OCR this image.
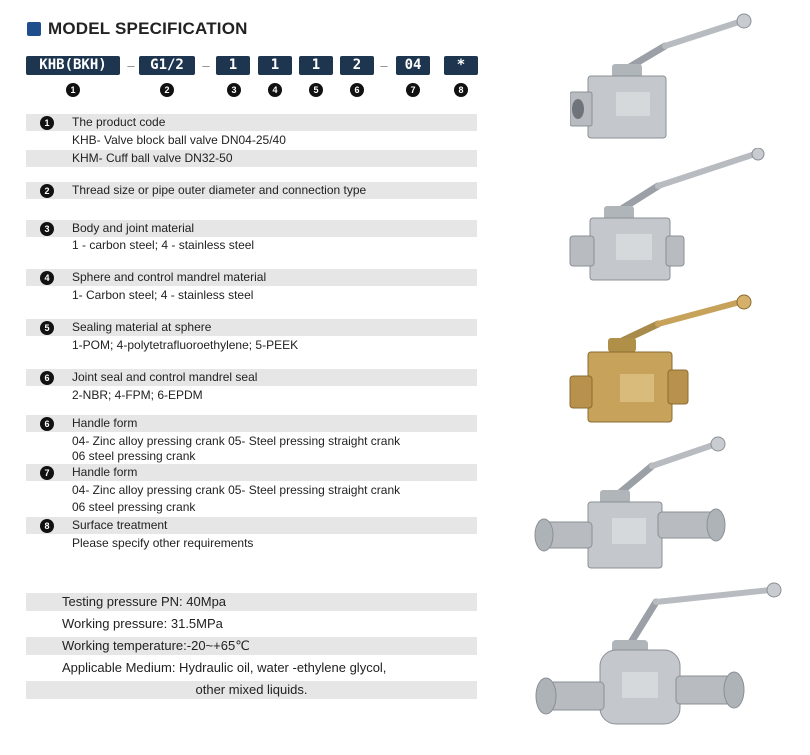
MODEL SPECIFICATION
KHB(BKH)	–	G1/2	–	1	1	1	2	–	04	*
1	2	3	4	5	6	7	8
1	The product code
KHB- Valve block ball valve DN04-25/40
KHM- Cuff ball valve DN32-50
2	Thread size or pipe outer diameter and connection type
3	Body and joint material
1 - carbon steel; 4 - stainless steel
4	Sphere and control mandrel material
1- Carbon steel; 4 - stainless steel
5	Sealing material at sphere
1-POM; 4-polytetrafluoroethylene; 5-PEEK
6	Joint seal and control mandrel seal
2-NBR; 4-FPM; 6-EPDM
6	Handle form
04- Zinc alloy pressing crank 05- Steel pressing straight crank
06 steel pressing crank
7	Handle form
04- Zinc alloy pressing crank 05- Steel pressing straight crank
06 steel pressing crank
8	Surface treatment
Please specify other requirements
Testing pressure PN: 40Mpa
Working pressure: 31.5MPa
Working temperature:-20~+65℃
Applicable Medium: Hydraulic oil, water -ethylene glycol,
other mixed liquids.
